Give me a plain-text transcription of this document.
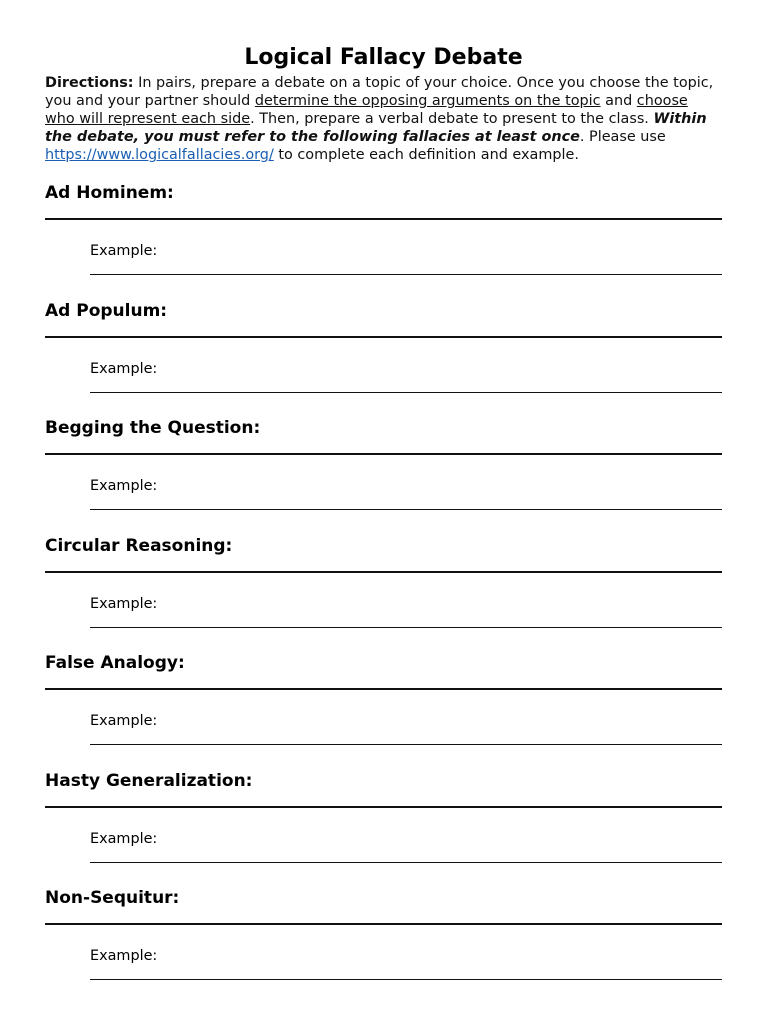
Logical Fallacy Debate

Directions: In pairs, prepare a debate on a topic of your choice. Once you choose the topic, you and your partner should determine the opposing arguments on the topic and choose who will represent each side. Then, prepare a verbal debate to present to the class. Within the debate, you must refer to the following fallacies at least once. Please use https://www.logicalfallacies.org/ to complete each definition and example.

Ad Hominem:
Example:
Ad Populum:
Example:
Begging the Question:
Example:
Circular Reasoning:
Example:
False Analogy:
Example:
Hasty Generalization:
Example:
Non-Sequitur:
Example:
